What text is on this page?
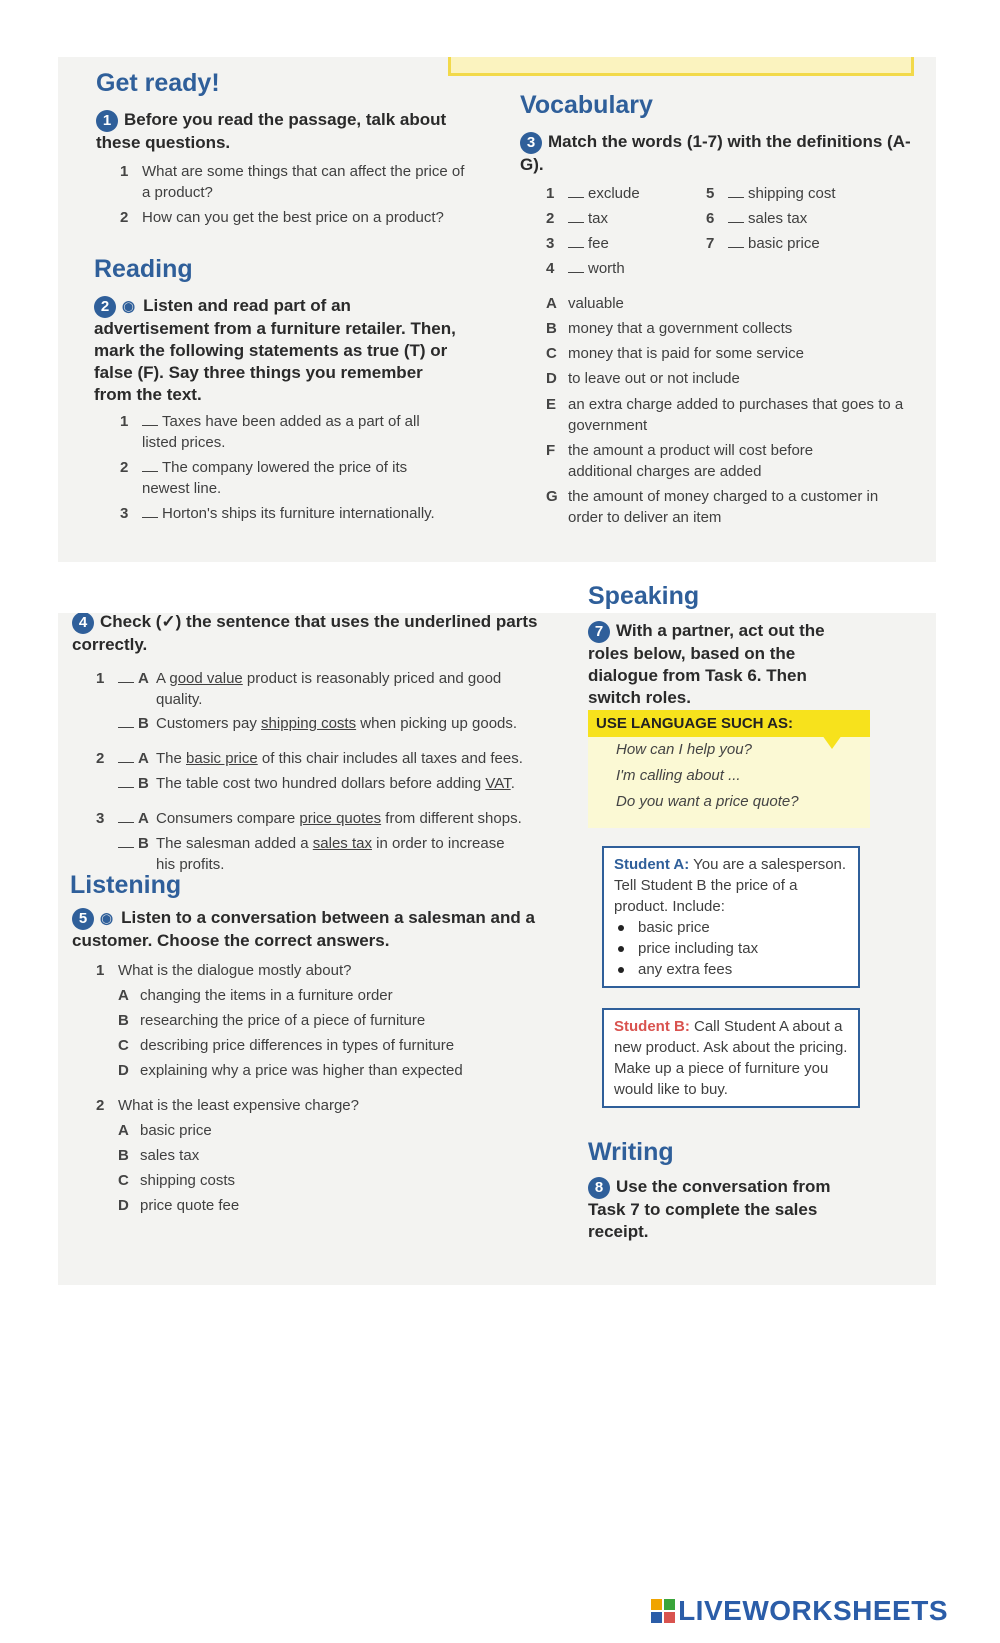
Get ready!
1 Before you read the passage, talk about these questions.
1 What are some things that can affect the price of a product?
2 How can you get the best price on a product?
Reading
2 ◉ Listen and read part of an advertisement from a furniture retailer. Then, mark the following statements as true (T) or false (F). Say three things you remember from the text.
1	Taxes have been added as a part of all listed prices.
2	The company lowered the price of its newest line.
3	Horton's ships its furniture internationally.
Vocabulary
3 Match the words (1-7) with the definitions (A-G).
1 exclude
2 tax
3 fee
4 worth
5 shipping cost
6 sales tax
7 basic price
A valuable
B money that a government collects
C money that is paid for some service
D to leave out or not include
E an extra charge added to purchases that goes to a government
F the amount a product will cost before additional charges are added
G the amount of money charged to a customer in order to deliver an item
4 Check (✓) the sentence that uses the underlined parts correctly.
1	A A good value product is reasonably priced and good quality.
B Customers pay shipping costs when picking up goods.
2	A The basic price of this chair includes all taxes and fees.
B The table cost two hundred dollars before adding VAT.
3	A Consumers compare price quotes from different shops.
B The salesman added a sales tax in order to increase his profits.
Listening
5 ◉ Listen to a conversation between a salesman and a customer. Choose the correct answers.
1 What is the dialogue mostly about?
A changing the items in a furniture order
B researching the price of a piece of furniture
C describing price differences in types of furniture
D explaining why a price was higher than expected
2 What is the least expensive charge?
A basic price
B sales tax
C shipping costs
D price quote fee
Speaking
7 With a partner, act out the roles below, based on the dialogue from Task 6. Then switch roles.
USE LANGUAGE SUCH AS:
How can I help you?
I'm calling about ...
Do you want a price quote?
Student A: You are a salesperson. Tell Student B the price of a product. Include:
basic price
price including tax
any extra fees
Student B: Call Student A about a new product. Ask about the pricing. Make up a piece of furniture you would like to buy.
Writing
8 Use the conversation from Task 7 to complete the sales receipt.
LIVEWORKSHEETS
